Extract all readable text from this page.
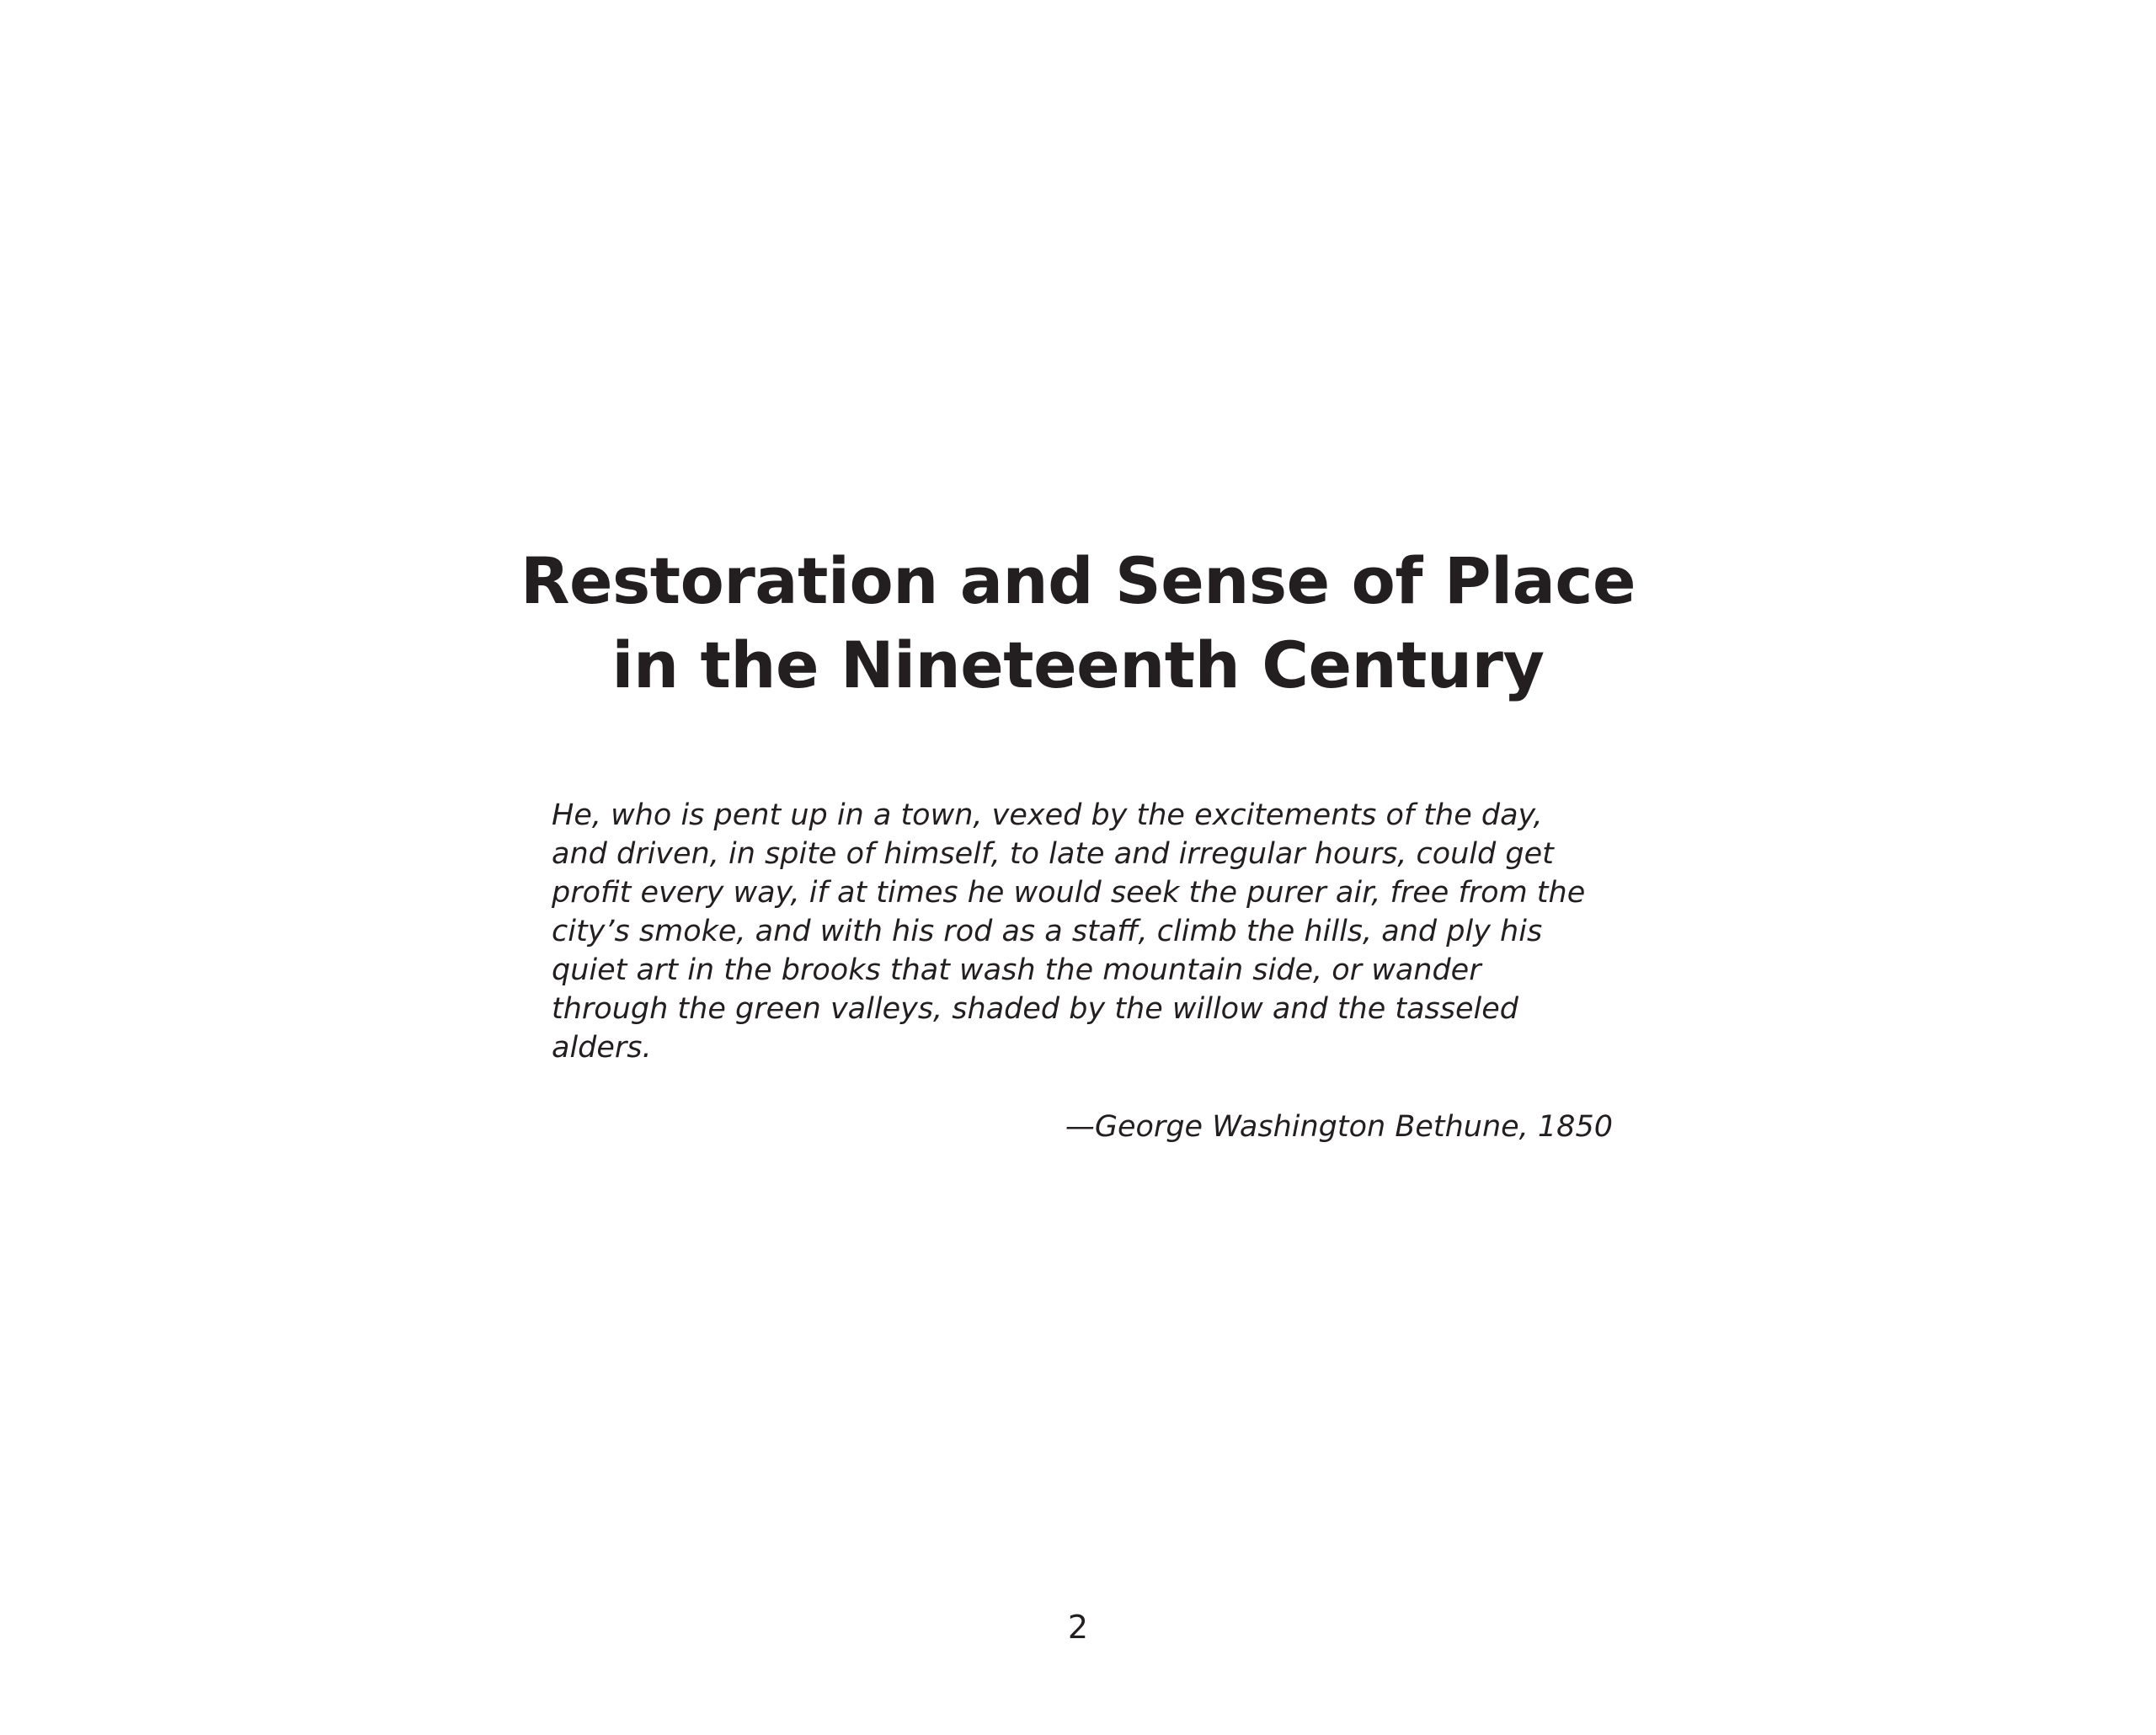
Restoration and Sense of Place
in the Nineteenth Century
He, who is pent up in a town, vexed by the excitements of the day,
and driven, in spite of himself, to late and irregular hours, could get
profit every way, if at times he would seek the purer air, free from the
city’s smoke, and with his rod as a staff, climb the hills, and ply his
quiet art in the brooks that wash the mountain side, or wander
through the green valleys, shaded by the willow and the tasseled
alders.
—George Washington Bethune, 1850
2
